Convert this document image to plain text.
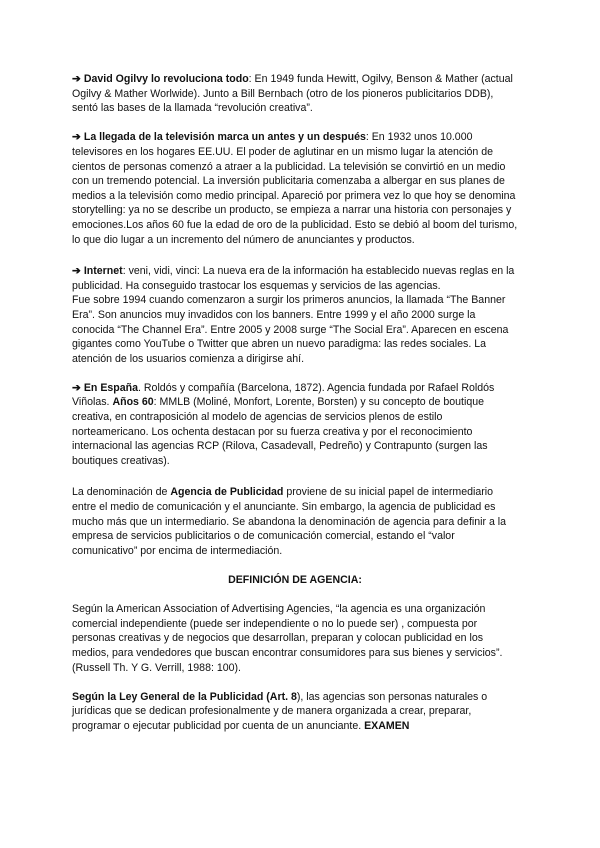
➔ David Ogilvy lo revoluciona todo: En 1949 funda Hewitt, Ogilvy, Benson & Mather (actual Ogilvy & Mather Worlwide). Junto a Bill Bernbach (otro de los pioneros publicitarios DDB), sentó las bases de la llamada “revolución creativa”.

➔ La llegada de la televisión marca un antes y un después: En 1932 unos 10.000 televisores en los hogares EE.UU. El poder de aglutinar en un mismo lugar la atención de cientos de personas comenzó a atraer a la publicidad. La televisión se convirtió en un medio con un tremendo potencial. La inversión publicitaria comenzaba a albergar en sus planes de medios a la televisión como medio principal. Apareció por primera vez lo que hoy se denomina storytelling: ya no se describe un producto, se empieza a narrar una historia con personajes y emociones.Los años 60 fue la edad de oro de la publicidad. Esto se debió al boom del turismo, lo que dio lugar a un incremento del número de anunciantes y productos.

➔ Internet: veni, vidi, vinci: La nueva era de la información ha establecido nuevas reglas en la publicidad. Ha conseguido trastocar los esquemas y servicios de las agencias.
Fue sobre 1994 cuando comenzaron a surgir los primeros anuncios, la llamada “The Banner Era”. Son anuncios muy invadidos con los banners. Entre 1999 y el año 2000 surge la conocida “The Channel Era”. Entre 2005 y 2008 surge “The Social Era”. Aparecen en escena gigantes como YouTube o Twitter que abren un nuevo paradigma: las redes sociales. La atención de los usuarios comienza a dirigirse ahí.

➔ En España. Roldós y compañía (Barcelona, 1872). Agencia fundada por Rafael Roldós Viñolas. Años 60: MMLB (Moliné, Monfort, Lorente, Borsten) y su concepto de boutique creativa, en contraposición al modelo de agencias de servicios plenos de estilo norteamericano. Los ochenta destacan por su fuerza creativa y por el reconocimiento internacional las agencias RCP (Rilova, Casadevall, Pedreño) y Contrapunto (surgen las boutiques creativas).

La denominación de Agencia de Publicidad proviene de su inicial papel de intermediario entre el medio de comunicación y el anunciante. Sin embargo, la agencia de publicidad es mucho más que un intermediario. Se abandona la denominación de agencia para definir a la empresa de servicios publicitarios o de comunicación comercial, estando el “valor comunicativo” por encima de intermediación.

DEFINICIÓN DE AGENCIA:

Según la American Association of Advertising Agencies, “la agencia es una organización comercial independiente (puede ser independiente o no lo puede ser) , compuesta por personas creativas y de negocios que desarrollan, preparan y colocan publicidad en los medios, para vendedores que buscan encontrar consumidores para sus bienes y servicios”. (Russell Th. Y G. Verrill, 1988: 100).

Según la Ley General de la Publicidad (Art. 8), las agencias son personas naturales o jurídicas que se dedican profesionalmente y de manera organizada a crear, preparar, programar o ejecutar publicidad por cuenta de un anunciante. EXAMEN
